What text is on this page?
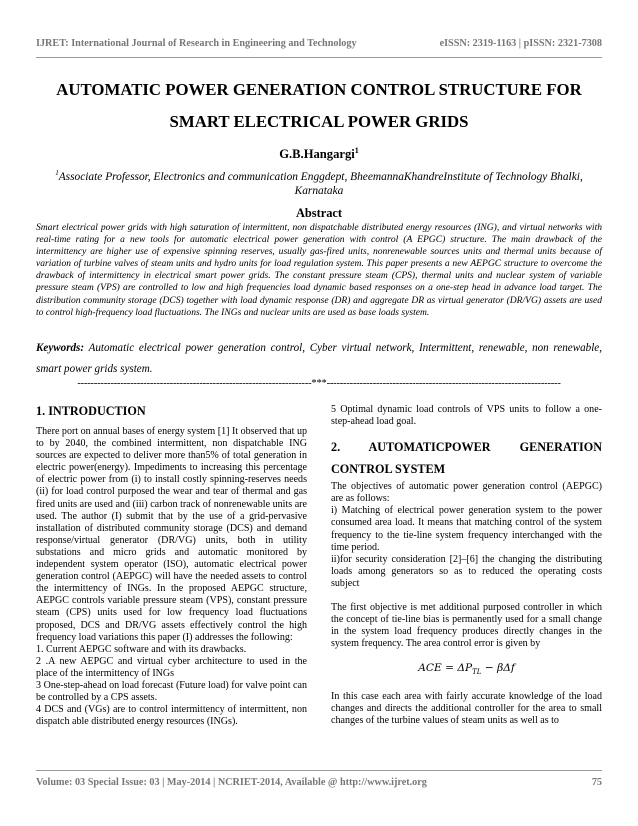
IJRET: International Journal of Research in Engineering and Technology	eISSN: 2319-1163 | pISSN: 2321-7308
AUTOMATIC POWER GENERATION CONTROL STRUCTURE FOR
SMART ELECTRICAL POWER GRIDS
G.B.Hangargi$^1$
$^1$Associate Professor, Electronics and communication Enggdept, BheemannaKhandreInstitute of Technology Bhalki, Karnataka
Abstract
Smart electrical power grids with high saturation of intermittent, non dispatchable distributed energy resources (ING), and virtual networks with real-time rating for a new tools for automatic electrical power generation with control (A EPGC) structure. The main drawback of the intermittency are higher use of expensive spinning reserves, usually gas-fired units, nonrenewable sources units and thermal units because of variation of turbine valves of steam units and hydro units for load regulation system. This paper presents a new AEPGC structure to overcome the drawback of intermittency in electrical smart power grids. The constant pressure steam (CPS), thermal units and nuclear system of variable pressure steam (VPS) are controlled to low and high frequencies load dynamic based responses on a one-step head in advance load target. The distribution community storage (DCS) together with load dynamic response (DR) and aggregate DR as virtual generator (DR/VG) assets are used to control high-frequency load fluctuations. The INGs and nuclear units are used as base loads system.
Keywords: Automatic electrical power generation control, Cyber virtual network, Intermittent, renewable, non renewable, smart power grids system.
-----------------------------------------------------------------------***-----------------------------------------------------------------------
1. INTRODUCTION

There port on annual bases of energy system [1] It observed that up to by 2040, the combined intermittent, non dispatchable ING sources are expected to deliver more than5% of total generation in electric power(energy). Impediments to increasing this percentage of electric power from (i) to install costly spinning-reserves needs (ii) for load control purposed the wear and tear of thermal and gas fired units are used and (iii) carbon track of nonrenewable units are used. The author (I) submit that by the use of a grid-pervasive installation of distributed community storage (DCS) and demand response/virtual generator (DR/VG) units, both in utility substations and micro grids and automatic monitored by independent system operator (ISO), automatic electrical power generation control (AEPGC) will have the needed assets to control the intermittency of INGs. In the proposed AEPGC structure, AEPGC controls variable pressure steam (VPS), constant pressure steam (CPS) units used for low frequency load fluctuations proposed, DCS and DR/VG assets effectively control the high frequency load variations this paper (I) addresses the following:

1. Current AEPGC software and with its drawbacks.

2 .A new AEPGC and virtual cyber architecture to used in the place of the intermittency of INGs

3 One-step-ahead on load forecast (Future load) for valve point can be controlled by a CPS assets.

4 DCS and (VGs) are to control intermittency of intermittent, non dispatch able distributed energy resources (INGs).

5 Optimal dynamic load controls of VPS units to follow a one-step-ahead load goal.

2. AUTOMATICPOWER GENERATION
CONTROL SYSTEM

The objectives of automatic power generation control (AEPGC) are as follows:

i) Matching of electrical power generation system to the power consumed area load. It means that matching control of the system frequency to the tie-line system frequency interchanged with the time period.

ii)for security consideration [2]–[6] the changing the distributing loads among generators so as to reduced the operating costs subject

The first objective is met additional purposed controller in which the concept of tie-line bias is permanently used for a small change in the system load frequency produces directly changes in the system frequency. The area control error is given by

ACE = $\Delta P_{TL} - \beta\Delta f$

In this case each area with fairly accurate knowledge of the load changes and directs the additional controller for the area to small changes of the turbine values of steam units as well as to

Volume: 03 Special Issue: 03 | May-2014 | NCRIET-2014, Available @ http://www.ijret.org	75
